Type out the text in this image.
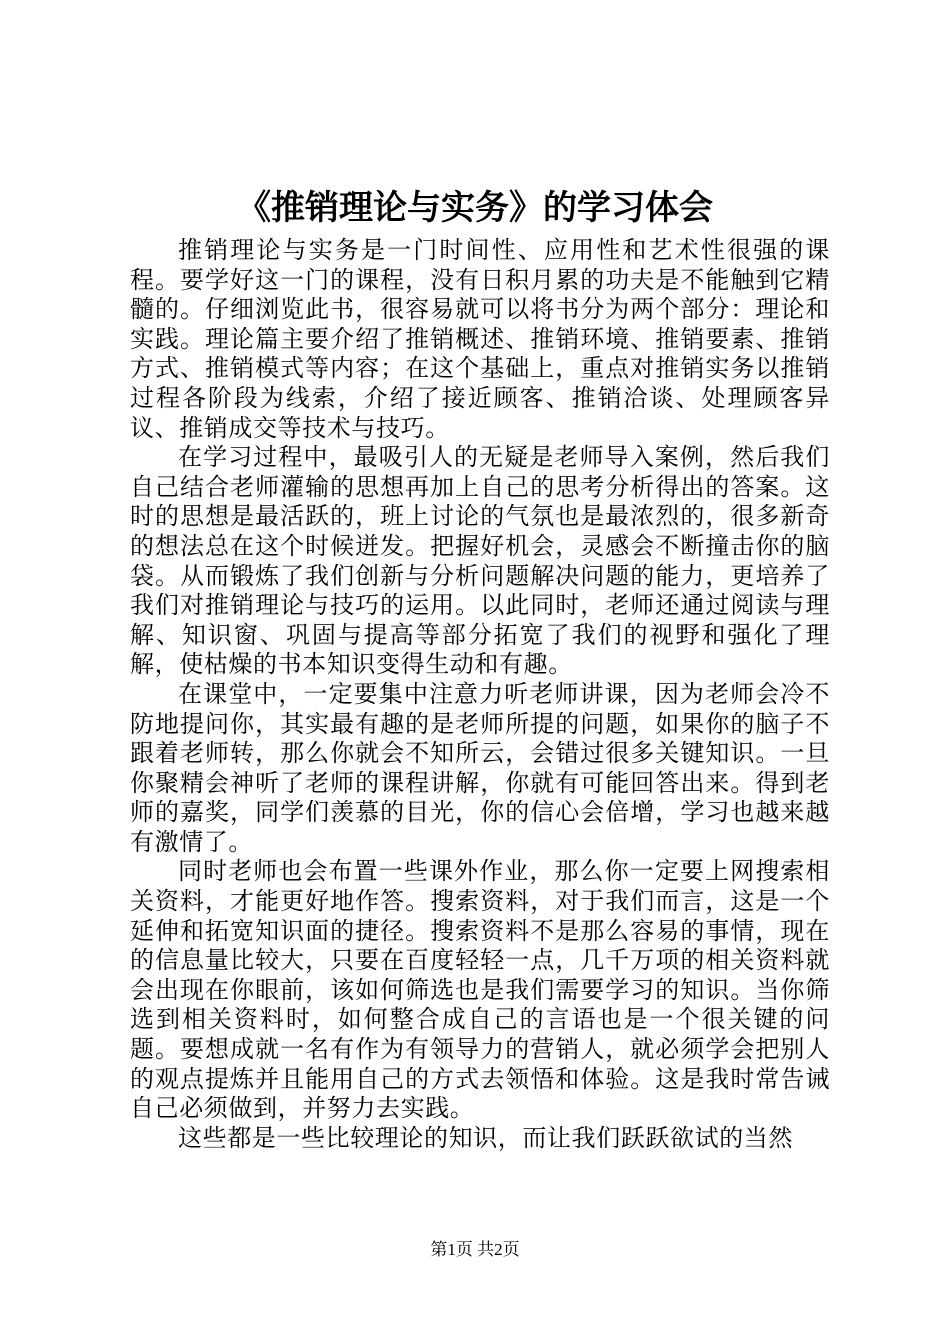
《推销理论与实务》的学习体会

推销理论与实务是一门时间性、应用性和艺术性很强的课程。要学好这一门的课程，没有日积月累的功夫是不能触到它精髓的。仔细浏览此书，很容易就可以将书分为两个部分：理论和实践。理论篇主要介绍了推销概述、推销环境、推销要素、推销方式、推销模式等内容；在这个基础上，重点对推销实务以推销过程各阶段为线索，介绍了接近顾客、推销洽谈、处理顾客异议、推销成交等技术与技巧。

在学习过程中，最吸引人的无疑是老师导入案例，然后我们自己结合老师灌输的思想再加上自己的思考分析得出的答案。这时的思想是最活跃的，班上讨论的气氛也是最浓烈的，很多新奇的想法总在这个时候迸发。把握好机会，灵感会不断撞击你的脑袋。从而锻炼了我们创新与分析问题解决问题的能力，更培养了我们对推销理论与技巧的运用。以此同时，老师还通过阅读与理解、知识窗、巩固与提高等部分拓宽了我们的视野和强化了理解，使枯燥的书本知识变得生动和有趣。

在课堂中，一定要集中注意力听老师讲课，因为老师会冷不防地提问你，其实最有趣的是老师所提的问题，如果你的脑子不跟着老师转，那么你就会不知所云，会错过很多关键知识。一旦你聚精会神听了老师的课程讲解，你就有可能回答出来。得到老师的嘉奖，同学们羡慕的目光，你的信心会倍增，学习也越来越有激情了。

同时老师也会布置一些课外作业，那么你一定要上网搜索相关资料，才能更好地作答。搜索资料，对于我们而言，这是一个延伸和拓宽知识面的捷径。搜索资料不是那么容易的事情，现在的信息量比较大，只要在百度轻轻一点，几千万项的相关资料就会出现在你眼前，该如何筛选也是我们需要学习的知识。当你筛选到相关资料时，如何整合成自己的言语也是一个很关键的问题。要想成就一名有作为有领导力的营销人，就必须学会把别人的观点提炼并且能用自己的方式去领悟和体验。这是我时常告诫自己必须做到，并努力去实践。

这些都是一些比较理论的知识，而让我们跃跃欲试的当然

第1页 共2页
